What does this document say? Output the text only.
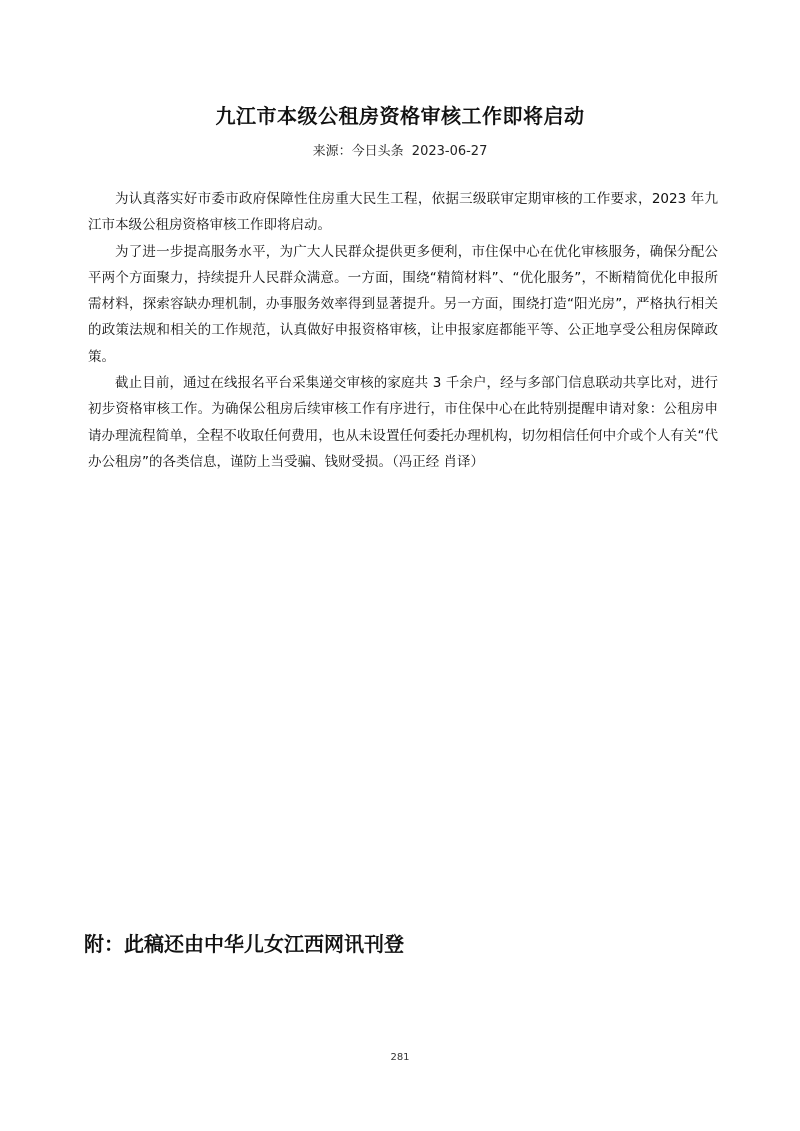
九江市本级公租房资格审核工作即将启动
来源：今日头条 2023-06-27

为认真落实好市委市政府保障性住房重大民生工程，依据三级联审定期审核的工作要求，2023 年九江市本级公租房资格审核工作即将启动。

为了进一步提高服务水平，为广大人民群众提供更多便利，市住保中心在优化审核服务，确保分配公平两个方面聚力，持续提升人民群众满意。一方面，围绕“精简材料”、“优化服务”，不断精简优化申报所需材料，探索容缺办理机制，办事服务效率得到显著提升。另一方面，围绕打造“阳光房”，严格执行相关的政策法规和相关的工作规范，认真做好申报资格审核，让申报家庭都能平等、公正地享受公租房保障政策。

截止目前，通过在线报名平台采集递交审核的家庭共 3 千余户，经与多部门信息联动共享比对，进行初步资格审核工作。为确保公租房后续审核工作有序进行，市住保中心在此特别提醒申请对象：公租房申请办理流程简单，全程不收取任何费用，也从未设置任何委托办理机构，切勿相信任何中介或个人有关“代办公租房”的各类信息，谨防上当受骗、钱财受损。（冯正经 肖译）

附：此稿还由中华儿女江西网讯刊登
281
